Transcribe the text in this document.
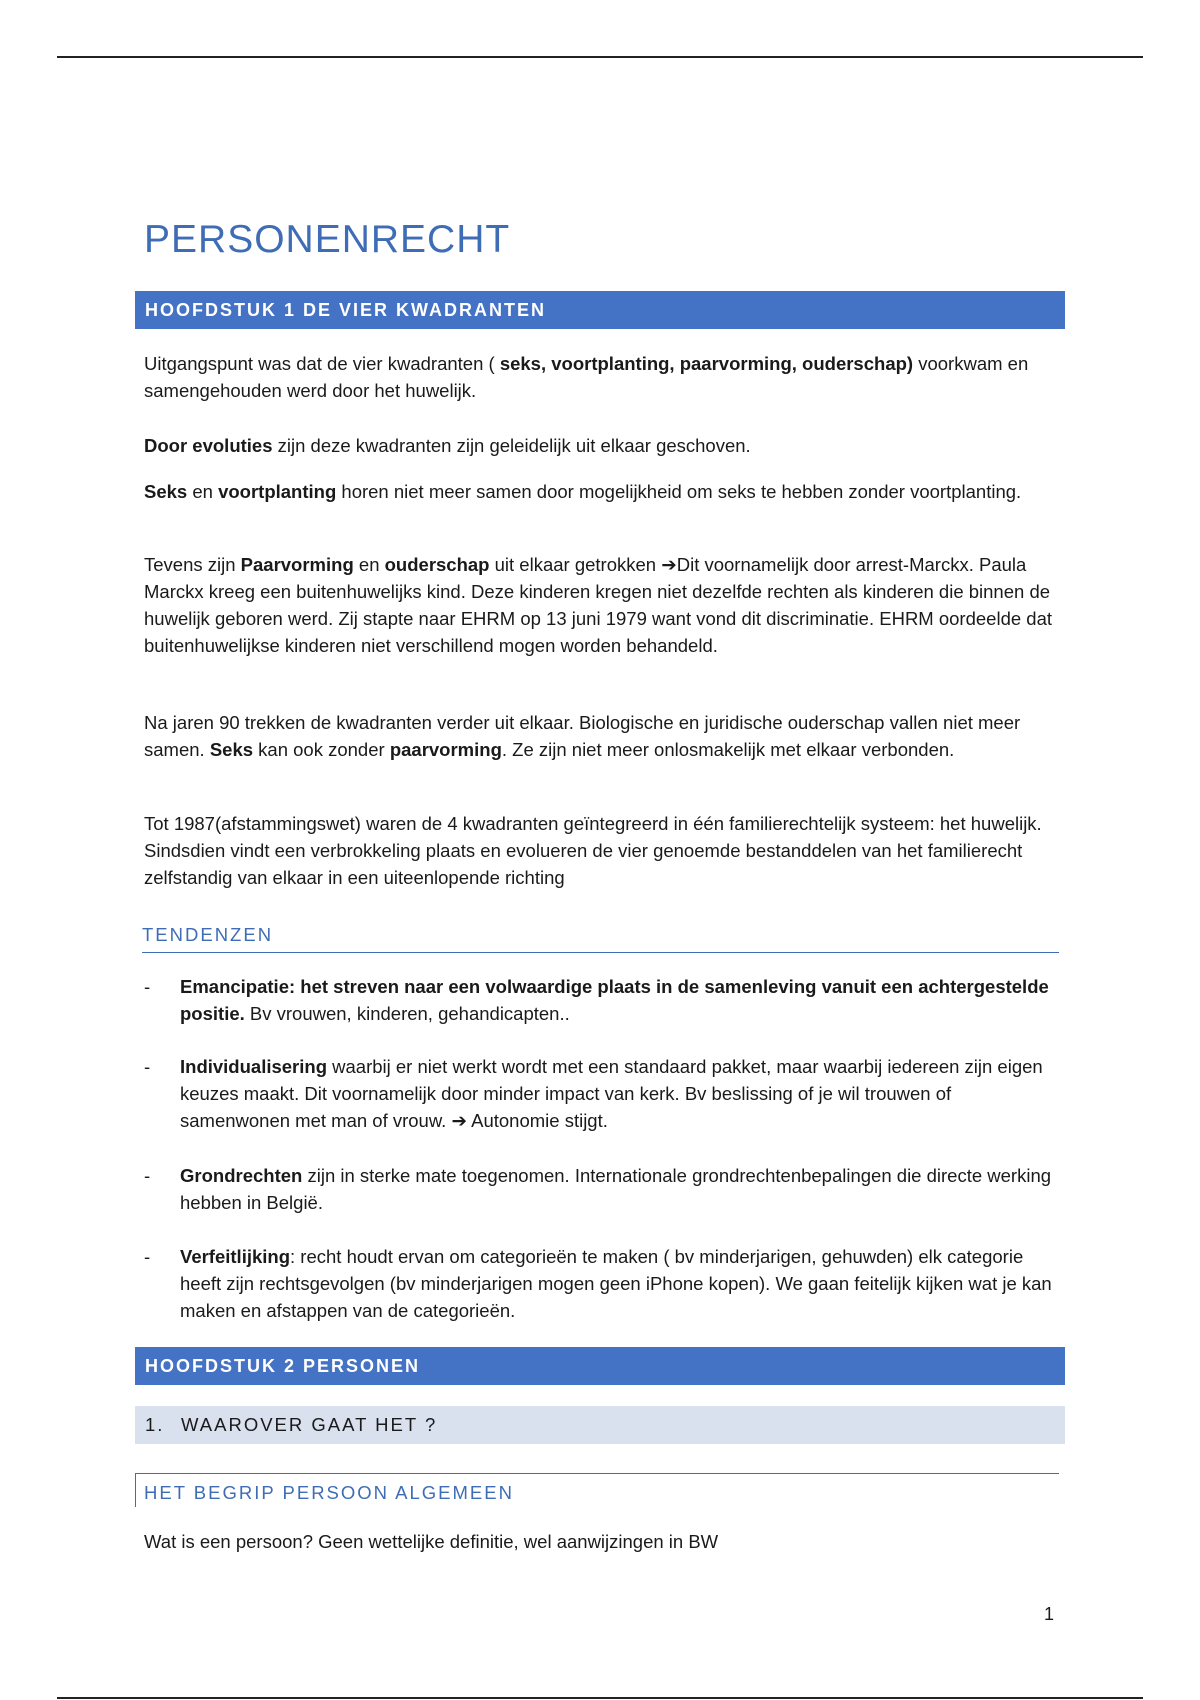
PERSONENRECHT
HOOFDSTUK 1 DE VIER KWADRANTEN

Uitgangspunt was dat de vier kwadranten ( seks, voortplanting, paarvorming, ouderschap) voorkwam en samengehouden werd door het huwelijk.

Door evoluties zijn deze kwadranten zijn geleidelijk uit elkaar geschoven.

Seks en voortplanting horen niet meer samen door mogelijkheid om seks te hebben zonder voortplanting.

Tevens zijn Paarvorming en ouderschap uit elkaar getrokken ➔Dit voornamelijk door arrest-Marckx. Paula Marckx kreeg een buitenhuwelijks kind. Deze kinderen kregen niet dezelfde rechten als kinderen die binnen de huwelijk geboren werd. Zij stapte naar EHRM op 13 juni 1979 want vond dit discriminatie. EHRM oordeelde dat buitenhuwelijkse kinderen niet verschillend mogen worden behandeld.

Na jaren 90 trekken de kwadranten verder uit elkaar. Biologische en juridische ouderschap vallen niet meer samen. Seks kan ook zonder paarvorming. Ze zijn niet meer onlosmakelijk met elkaar verbonden.

Tot 1987(afstammingswet) waren de 4 kwadranten geïntegreerd in één familierechtelijk systeem: het huwelijk. Sindsdien vindt een verbrokkeling plaats en evolueren de vier genoemde bestanddelen van het familierecht zelfstandig van elkaar in een uiteenlopende richting

TENDENZEN
- Emancipatie: het streven naar een volwaardige plaats in de samenleving vanuit een achtergestelde positie. Bv vrouwen, kinderen, gehandicapten..
- Individualisering waarbij er niet werkt wordt met een standaard pakket, maar waarbij iedereen zijn eigen keuzes maakt. Dit voornamelijk door minder impact van kerk. Bv beslissing of je wil trouwen of samenwonen met man of vrouw. ➔ Autonomie stijgt.
- Grondrechten zijn in sterke mate toegenomen. Internationale grondrechtenbepalingen die directe werking hebben in België.
- Verfeitlijking: recht houdt ervan om categorieën te maken ( bv minderjarigen, gehuwden) elk categorie heeft zijn rechtsgevolgen (bv minderjarigen mogen geen iPhone kopen). We gaan feitelijk kijken wat je kan maken en afstappen van de categorieën.
HOOFDSTUK 2 PERSONEN
1. WAAROVER GAAT HET ?
HET BEGRIP PERSOON ALGEMEEN

Wat is een persoon? Geen wettelijke definitie, wel aanwijzingen in BW

1
